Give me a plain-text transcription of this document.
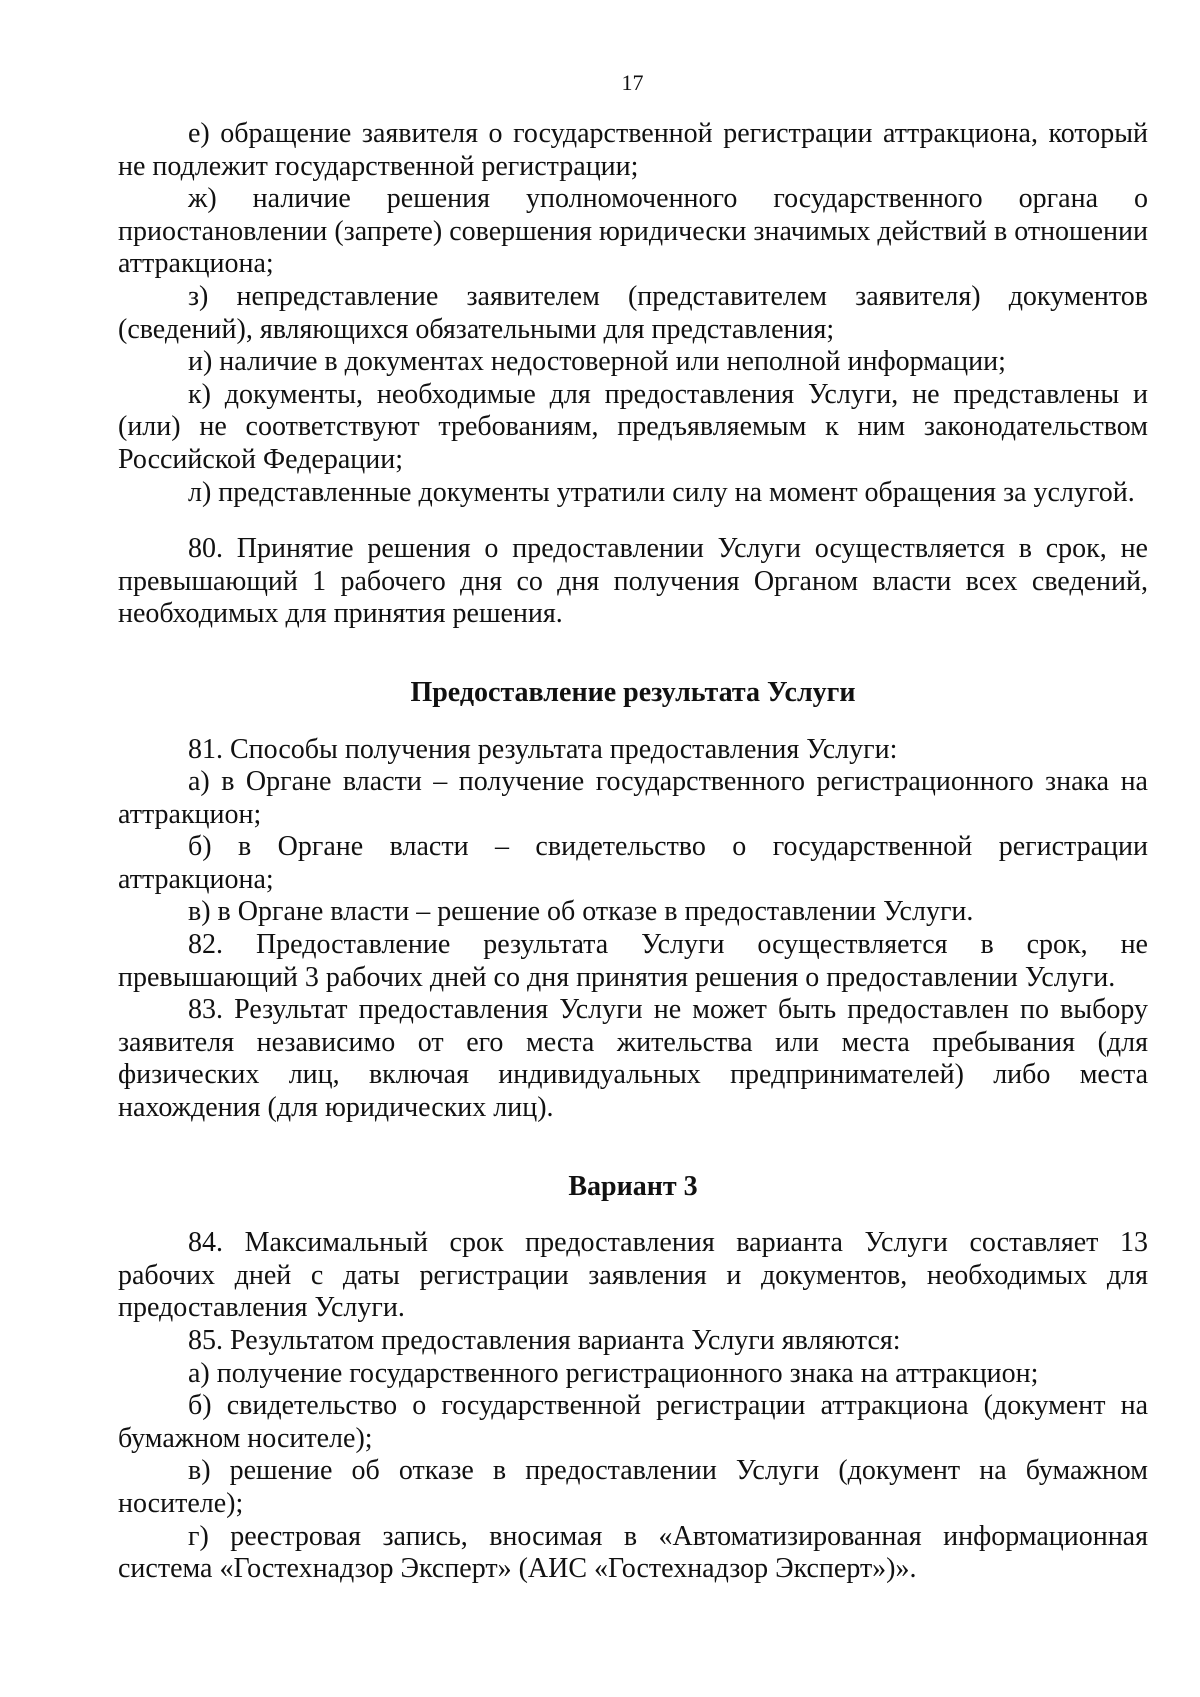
17

е) обращение заявителя о государственной регистрации аттракциона, который не подлежит государственной регистрации;

ж) наличие решения уполномоченного государственного органа о приостановлении (запрете) совершения юридически значимых действий в отношении аттракциона;

з) непредставление заявителем (представителем заявителя) документов (сведений), являющихся обязательными для представления;

и) наличие в документах недостоверной или неполной информации;

к) документы, необходимые для предоставления Услуги, не представлены и (или) не соответствуют требованиям, предъявляемым к ним законодательством Российской Федерации;

л) представленные документы утратили силу на момент обращения за услугой.

80. Принятие решения о предоставлении Услуги осуществляется в срок, не превышающий 1 рабочего дня со дня получения Органом власти всех сведений, необходимых для принятия решения.

Предоставление результата Услуги

81. Способы получения результата предоставления Услуги:

а) в Органе власти – получение государственного регистрационного знака на аттракцион;

б) в Органе власти – свидетельство о государственной регистрации аттракциона;

в) в Органе власти – решение об отказе в предоставлении Услуги.

82. Предоставление результата Услуги осуществляется в срок, не превышающий 3 рабочих дней со дня принятия решения о предоставлении Услуги.

83. Результат предоставления Услуги не может быть предоставлен по выбору заявителя независимо от его места жительства или места пребывания (для физических лиц, включая индивидуальных предпринимателей) либо места нахождения (для юридических лиц).

Вариант 3

84. Максимальный срок предоставления варианта Услуги составляет 13 рабочих дней с даты регистрации заявления и документов, необходимых для предоставления Услуги.

85. Результатом предоставления варианта Услуги являются:

а) получение государственного регистрационного знака на аттракцион;

б) свидетельство о государственной регистрации аттракциона (документ на бумажном носителе);

в) решение об отказе в предоставлении Услуги (документ на бумажном носителе);

г) реестровая запись, вносимая в «Автоматизированная информационная система «Гостехнадзор Эксперт» (АИС «Гостехнадзор Эксперт»)».
